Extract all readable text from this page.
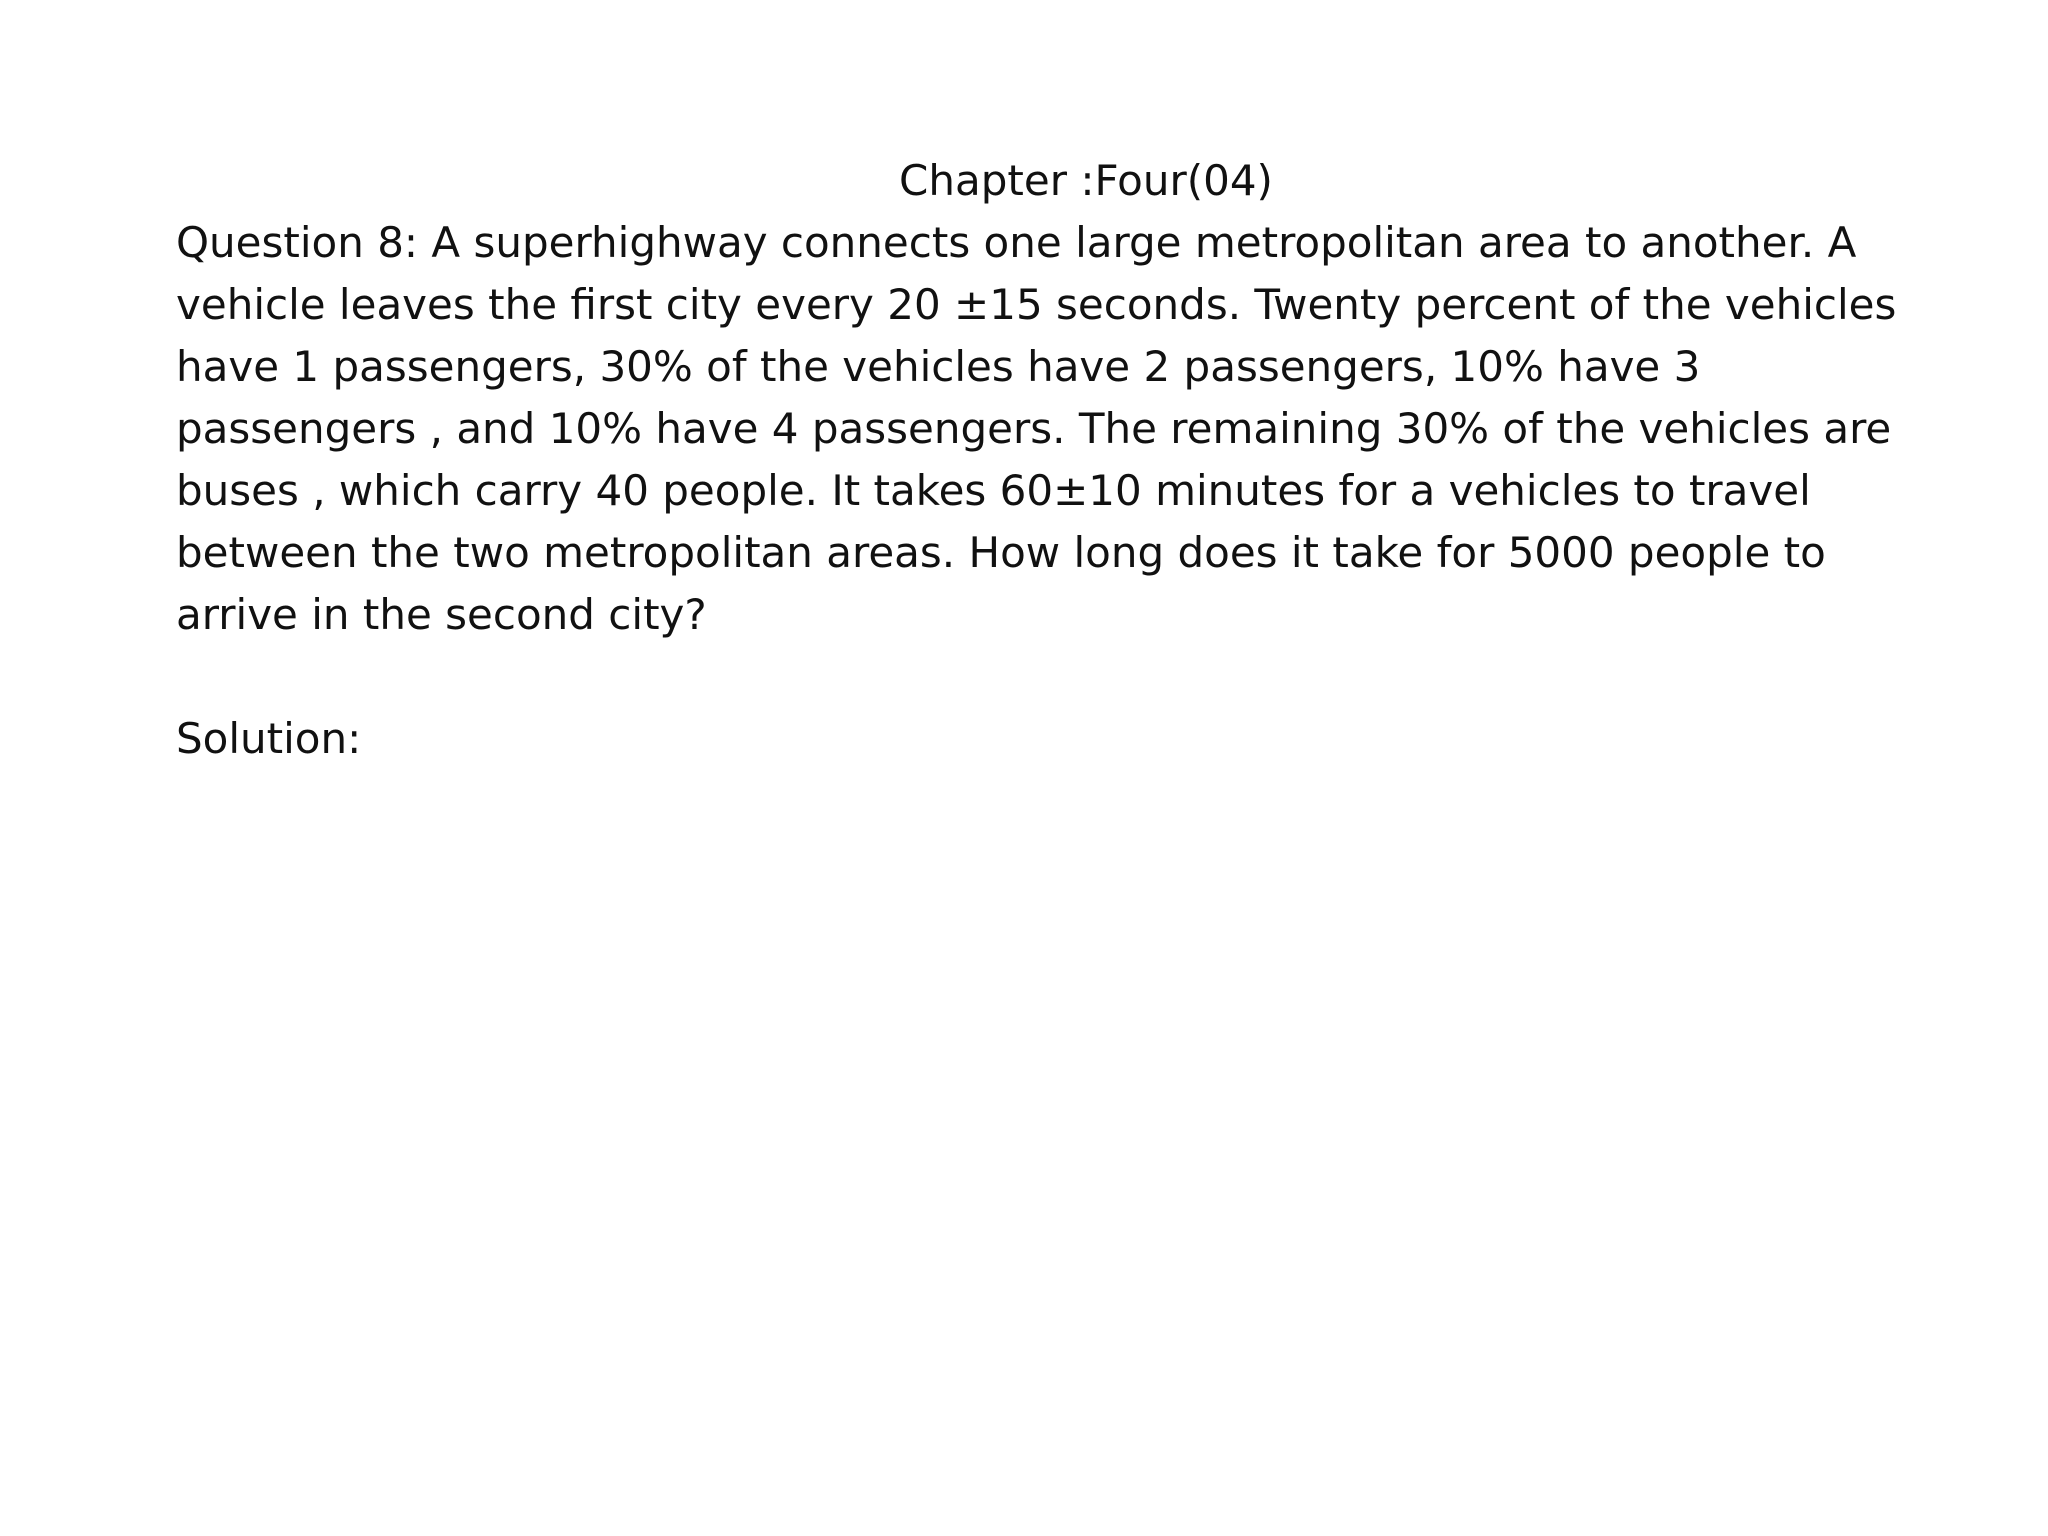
Chapter :Four(04)

Question 8: A superhighway connects one large metropolitan area to another. A
vehicle leaves the first city every 20 ±15 seconds. Twenty percent of the vehicles
have 1 passengers, 30% of the vehicles have 2 passengers, 10% have 3
passengers , and 10% have 4 passengers. The remaining 30% of the vehicles are
buses , which carry 40 people. It takes 60±10 minutes for a vehicles to travel
between the two metropolitan areas. How long does it take for 5000 people to
arrive in the second city?

Solution:
